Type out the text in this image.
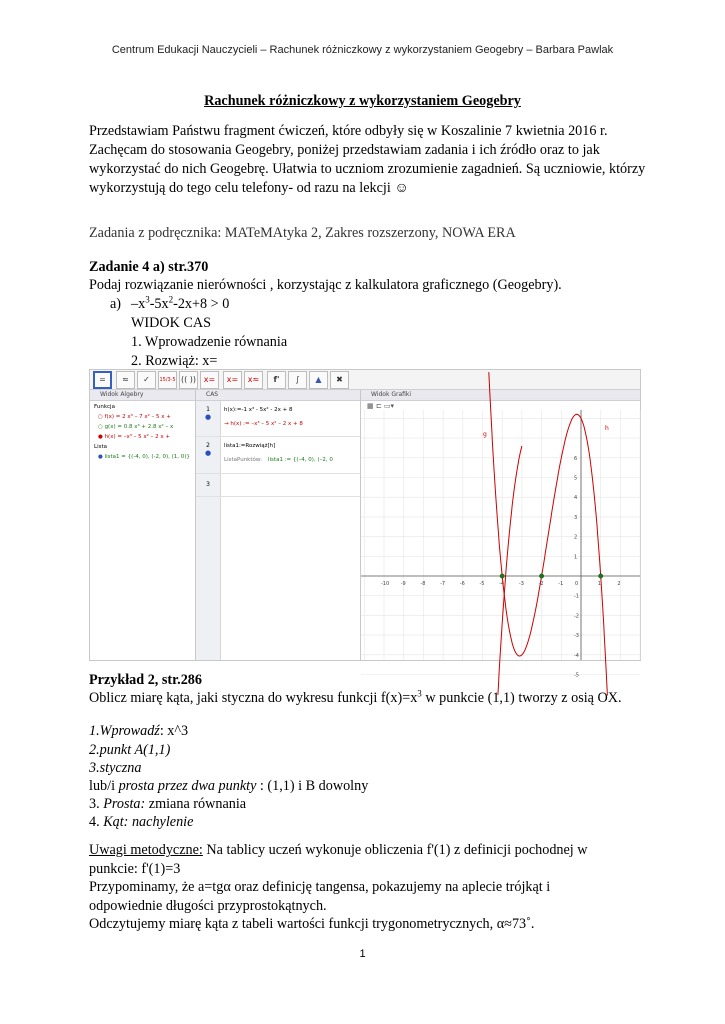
Centrum Edukacji Nauczycieli – Rachunek różniczkowy z wykorzystaniem Geogebry – Barbara Pawlak
Rachunek różniczkowy z wykorzystaniem Geogebry
Przedstawiam Państwu fragment ćwiczeń, które odbyły się w Koszalinie 7 kwietnia 2016 r. Zachęcam do stosowania Geogebry, poniżej przedstawiam zadania i ich źródło oraz to jak wykorzystać do nich Geogebrę. Ułatwia to uczniom zrozumienie zagadnień. Są uczniowie, którzy wykorzystują do tego celu telefony- od razu na lekcji ☺
Zadania z podręcznika: MATeMAtyka 2, Zakres rozszerzony, NOWA ERA
Zadanie 4 a) str.370
Podaj rozwiązanie nierówności , korzystając z kalkulatora graficznego (Geogebry).
a) $-x^3-5x^2-2x+8 > 0$
WIDOK CAS
1. Wprowadzenie równania
2. Rozwiąż: x=
=	≈	✓	15/3·5 (( )) x=	x=	x≈	f'	∫	▲	✖
Widok Algebry
Funkcja
○ f(x) = 2 x³ – 7 x² – 5 x +
○ g(x) = 0.8 x³ + 2.8 x² – x
● h(x) = –x³ – 5 x² – 2 x +
Lista
● lista1 = {(-4, 0), (-2, 0), (1, 0)}
CAS
1
●
h(x):=-1 x³ - 5x² - 2x + 8
→ h(x) := –x³ – 5 x² – 2 x + 8
2
●
lista1:=Rozwiąż[h]
ListaPunktów: lista1 := {(–4, 0), (–2, 0
3
Widok Grafiki
▦ ⊏ ▭▾
-10 -9	-8	-7	-6	-5	-4	-3	-2	-1 0	1	2
6
5
4
3
2
1
-1
-2
-3
-4
-5
g
h
Przykład 2, str.286
Oblicz miarę kąta, jaki styczna do wykresu funkcji $f(x)=x^3$ w punkcie (1,1) tworzy z osią OX.
1.Wprowadź: x^3
2.punkt A(1,1)
3.styczna
lub/i prosta przez dwa punkty : (1,1) i B dowolny
3. Prosta: zmiana równania
4. Kąt: nachylenie
Uwagi metodyczne: Na tablicy uczeń wykonuje obliczenia f'(1) z definicji pochodnej w punkcie: f'(1)=3
Przypominamy, że a=tgα oraz definicję tangensa, pokazujemy na aplecie trójkąt i odpowiednie długości przyprostokątnych.
Odczytujemy miarę kąta z tabeli wartości funkcji trygonometrycznych, α≈73˚.
1
